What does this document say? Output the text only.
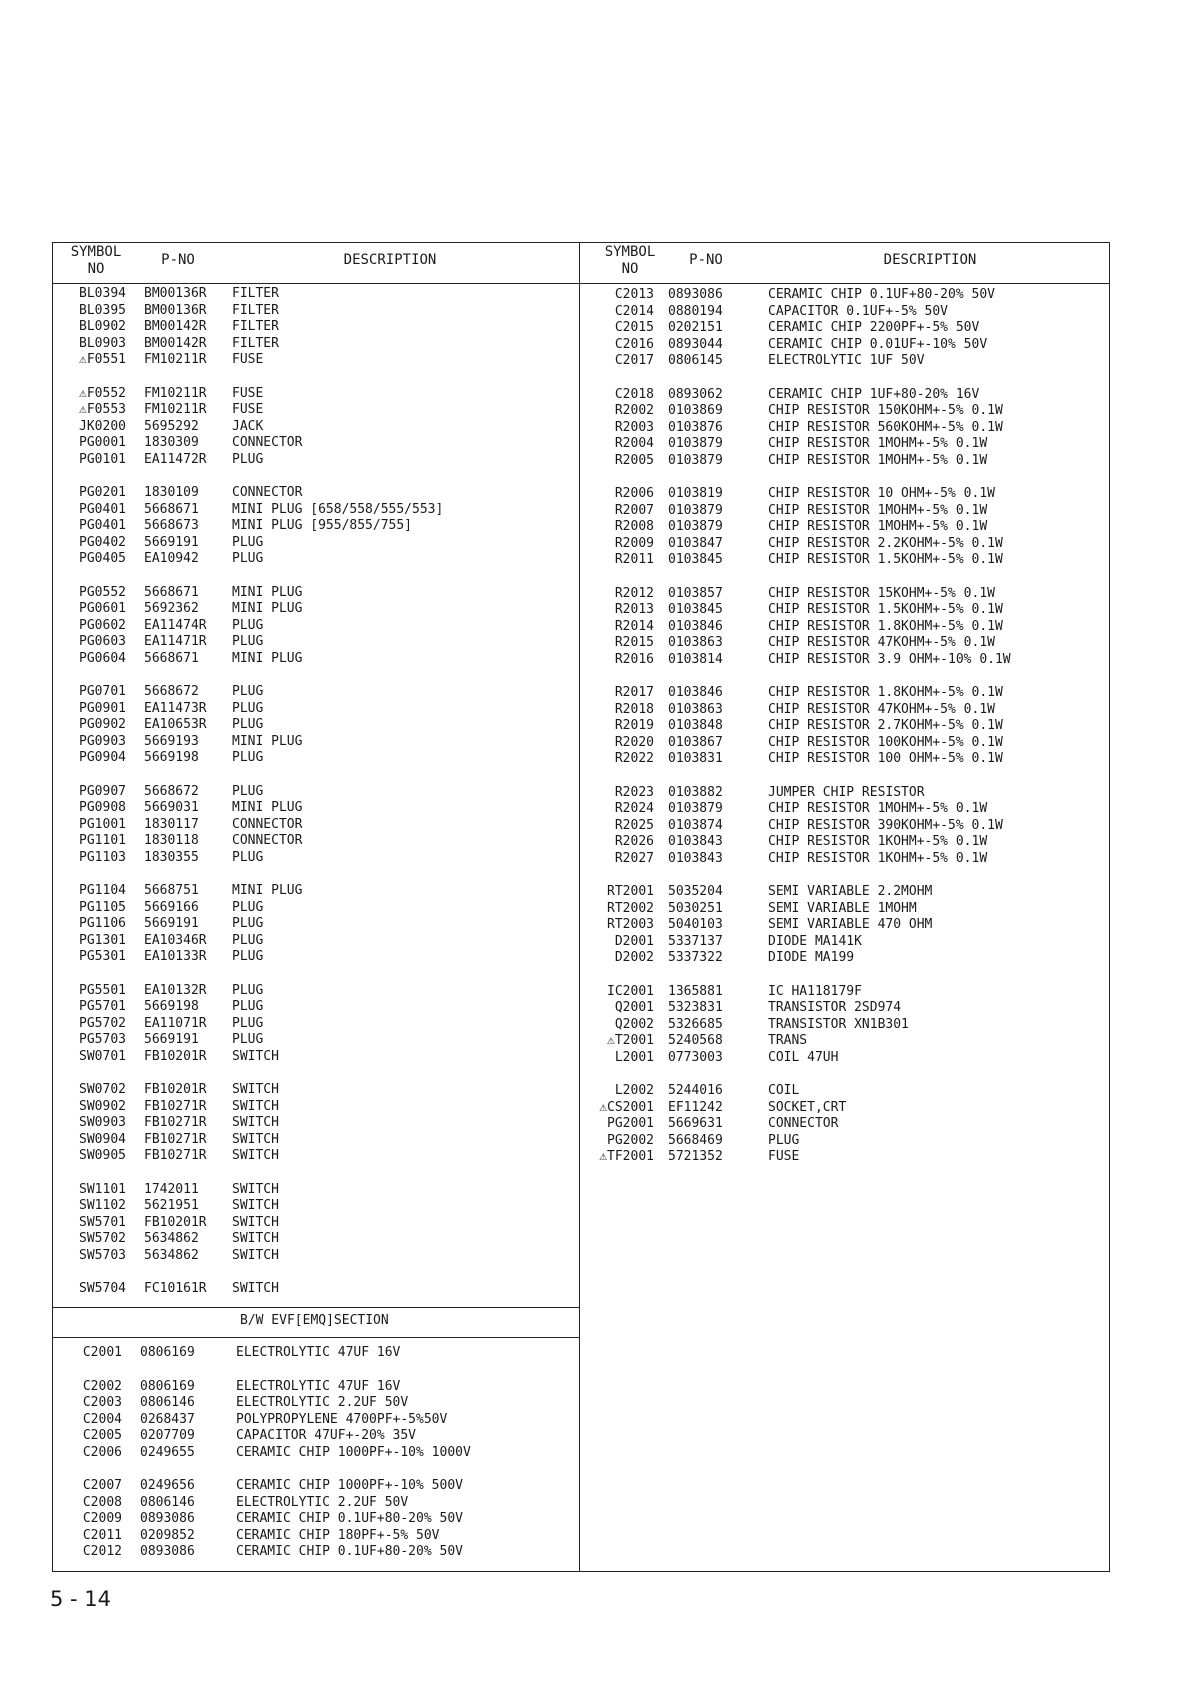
SYMBOL
NO
P-NO	DESCRIPTION	SYMBOL
NO
P-NO	DESCRIPTION
BL0394 BM00136R FILTER
BL0395 BM00136R FILTER
BL0902 BM00142R FILTER
BL0903 BM00142R FILTER
⚠F0551 FM10211R FUSE
⚠F0552 FM10211R FUSE
⚠F0553 FM10211R FUSE
JK0200 5695292	JACK
PG0001 1830309	CONNECTOR
PG0101 EA11472R PLUG
PG0201 1830109	CONNECTOR
PG0401 5668671	MINI PLUG [658/558/555/553]
PG0401 5668673	MINI PLUG [955/855/755]
PG0402 5669191	PLUG
PG0405 EA10942	PLUG
PG0552 5668671	MINI PLUG
PG0601 5692362	MINI PLUG
PG0602 EA11474R PLUG
PG0603 EA11471R PLUG
PG0604 5668671	MINI PLUG
PG0701 5668672	PLUG
PG0901 EA11473R PLUG
PG0902 EA10653R PLUG
PG0903 5669193	MINI PLUG
PG0904 5669198	PLUG
PG0907 5668672	PLUG
PG0908 5669031	MINI PLUG
PG1001 1830117	CONNECTOR
PG1101 1830118	CONNECTOR
PG1103 1830355	PLUG
PG1104 5668751	MINI PLUG
PG1105 5669166	PLUG
PG1106 5669191	PLUG
PG1301 EA10346R PLUG
PG5301 EA10133R PLUG
PG5501 EA10132R PLUG
PG5701 5669198	PLUG
PG5702 EA11071R PLUG
PG5703 5669191	PLUG
SW0701 FB10201R SWITCH
SW0702 FB10201R SWITCH
SW0902 FB10271R SWITCH
SW0903 FB10271R SWITCH
SW0904 FB10271R SWITCH
SW0905 FB10271R SWITCH
SW1101 1742011	SWITCH
SW1102 5621951	SWITCH
SW5701 FB10201R SWITCH
SW5702 5634862	SWITCH
SW5703 5634862	SWITCH
SW5704 FC10161R SWITCH
B/W EVF[EMQ]SECTION
C2001 0806169	ELECTROLYTIC 47UF 16V
C2002 0806169	ELECTROLYTIC 47UF 16V
C2003 0806146	ELECTROLYTIC 2.2UF 50V
C2004 0268437	POLYPROPYLENE 4700PF+-5%50V
C2005 0207709	CAPACITOR 47UF+-20% 35V
C2006 0249655	CERAMIC CHIP 1000PF+-10% 1000V
C2007 0249656	CERAMIC CHIP 1000PF+-10% 500V
C2008 0806146	ELECTROLYTIC 2.2UF 50V
C2009 0893086	CERAMIC CHIP 0.1UF+80-20% 50V
C2011 0209852	CERAMIC CHIP 180PF+-5% 50V
C2012 0893086	CERAMIC CHIP 0.1UF+80-20% 50V
C2013 0893086	CERAMIC CHIP 0.1UF+80-20% 50V
C2014 0880194	CAPACITOR 0.1UF+-5% 50V
C2015 0202151	CERAMIC CHIP 2200PF+-5% 50V
C2016 0893044	CERAMIC CHIP 0.01UF+-10% 50V
C2017 0806145	ELECTROLYTIC 1UF 50V
C2018 0893062	CERAMIC CHIP 1UF+80-20% 16V
R2002 0103869	CHIP RESISTOR 150KOHM+-5% 0.1W
R2003 0103876	CHIP RESISTOR 560KOHM+-5% 0.1W
R2004 0103879	CHIP RESISTOR 1MOHM+-5% 0.1W
R2005 0103879	CHIP RESISTOR 1MOHM+-5% 0.1W
R2006 0103819	CHIP RESISTOR 10 OHM+-5% 0.1W
R2007 0103879	CHIP RESISTOR 1MOHM+-5% 0.1W
R2008 0103879	CHIP RESISTOR 1MOHM+-5% 0.1W
R2009 0103847	CHIP RESISTOR 2.2KOHM+-5% 0.1W
R2011 0103845	CHIP RESISTOR 1.5KOHM+-5% 0.1W
R2012 0103857	CHIP RESISTOR 15KOHM+-5% 0.1W
R2013 0103845	CHIP RESISTOR 1.5KOHM+-5% 0.1W
R2014 0103846	CHIP RESISTOR 1.8KOHM+-5% 0.1W
R2015 0103863	CHIP RESISTOR 47KOHM+-5% 0.1W
R2016 0103814	CHIP RESISTOR 3.9 OHM+-10% 0.1W
R2017 0103846	CHIP RESISTOR 1.8KOHM+-5% 0.1W
R2018 0103863	CHIP RESISTOR 47KOHM+-5% 0.1W
R2019 0103848	CHIP RESISTOR 2.7KOHM+-5% 0.1W
R2020 0103867	CHIP RESISTOR 100KOHM+-5% 0.1W
R2022 0103831	CHIP RESISTOR 100 OHM+-5% 0.1W
R2023 0103882	JUMPER CHIP RESISTOR
R2024 0103879	CHIP RESISTOR 1MOHM+-5% 0.1W
R2025 0103874	CHIP RESISTOR 390KOHM+-5% 0.1W
R2026 0103843	CHIP RESISTOR 1KOHM+-5% 0.1W
R2027 0103843	CHIP RESISTOR 1KOHM+-5% 0.1W
RT2001 5035204	SEMI VARIABLE 2.2MOHM
RT2002 5030251	SEMI VARIABLE 1MOHM
RT2003 5040103	SEMI VARIABLE 470 OHM
D2001 5337137	DIODE MA141K
D2002 5337322	DIODE MA199
IC2001 1365881	IC HA118179F
Q2001 5323831	TRANSISTOR 2SD974
Q2002 5326685	TRANSISTOR XN1B301
⚠T2001 5240568	TRANS
L2001 0773003	COIL 47UH
L2002 5244016	COIL
⚠CS2001 EF11242	SOCKET,CRT
PG2001 5669631	CONNECTOR
PG2002 5668469	PLUG
⚠TF2001 5721352	FUSE
5 - 14
